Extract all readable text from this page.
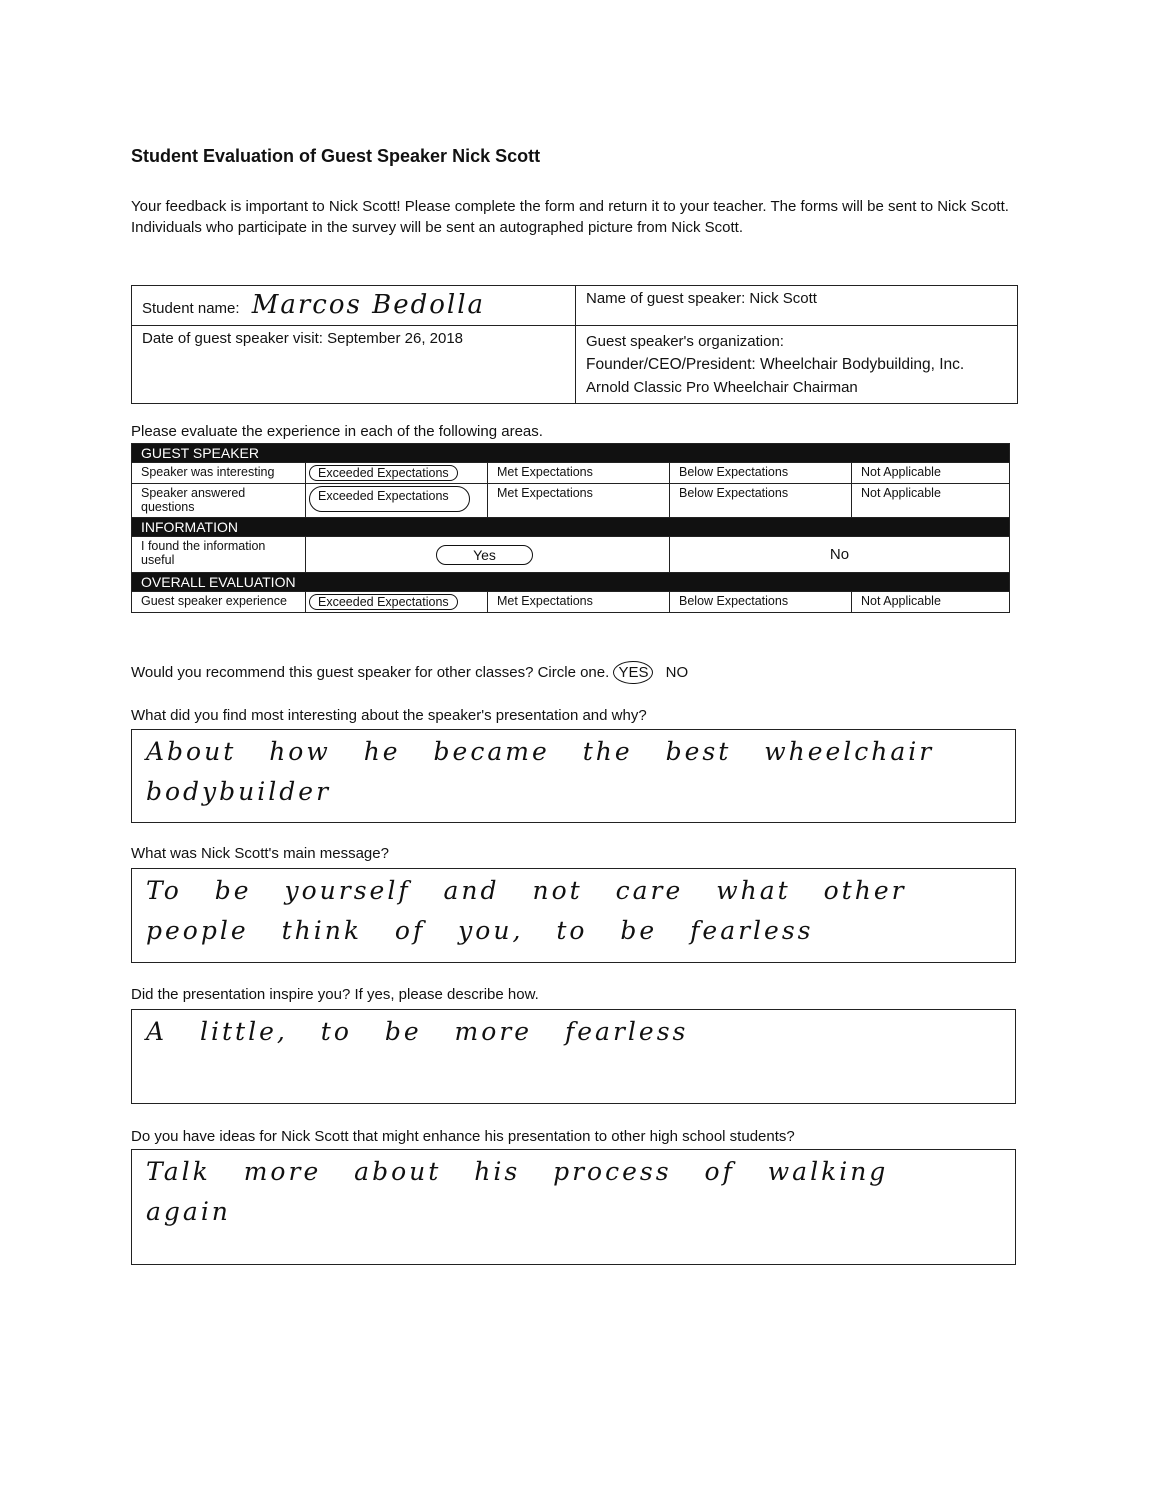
Student Evaluation of Guest Speaker Nick Scott
Your feedback is important to Nick Scott! Please complete the form and return it to your teacher. The forms will be sent to Nick Scott. Individuals who participate in the survey will be sent an autographed picture from Nick Scott.
Student name: Marcos Bedolla	Name of guest speaker: Nick Scott
Date of guest speaker visit: September 26, 2018	Guest speaker's organization:
Founder/CEO/President: Wheelchair Bodybuilding, Inc.
Arnold Classic Pro Wheelchair Chairman
Please evaluate the experience in each of the following areas.
GUEST SPEAKER				
Speaker was interesting	Exceeded Expectations	Met Expectations	Below Expectations	Not Applicable
Speaker answered questions	Exceeded Expectations	Met Expectations	Below Expectations	Not Applicable
INFORMATION				
I found the information useful	Yes		No	
OVERALL EVALUATION				
Guest speaker experience	Exceeded Expectations	Met Expectations	Below Expectations	Not Applicable
Would you recommend this guest speaker for other classes? Circle one. YES NO
What did you find most interesting about the speaker's presentation and why?
About how he became the best wheelchair bodybuilder
What was Nick Scott's main message?
To be yourself and not care what other people think of you, to be fearless
Did the presentation inspire you? If yes, please describe how.
A little, to be more fearless
Do you have ideas for Nick Scott that might enhance his presentation to other high school students?
Talk more about his process of walking again
